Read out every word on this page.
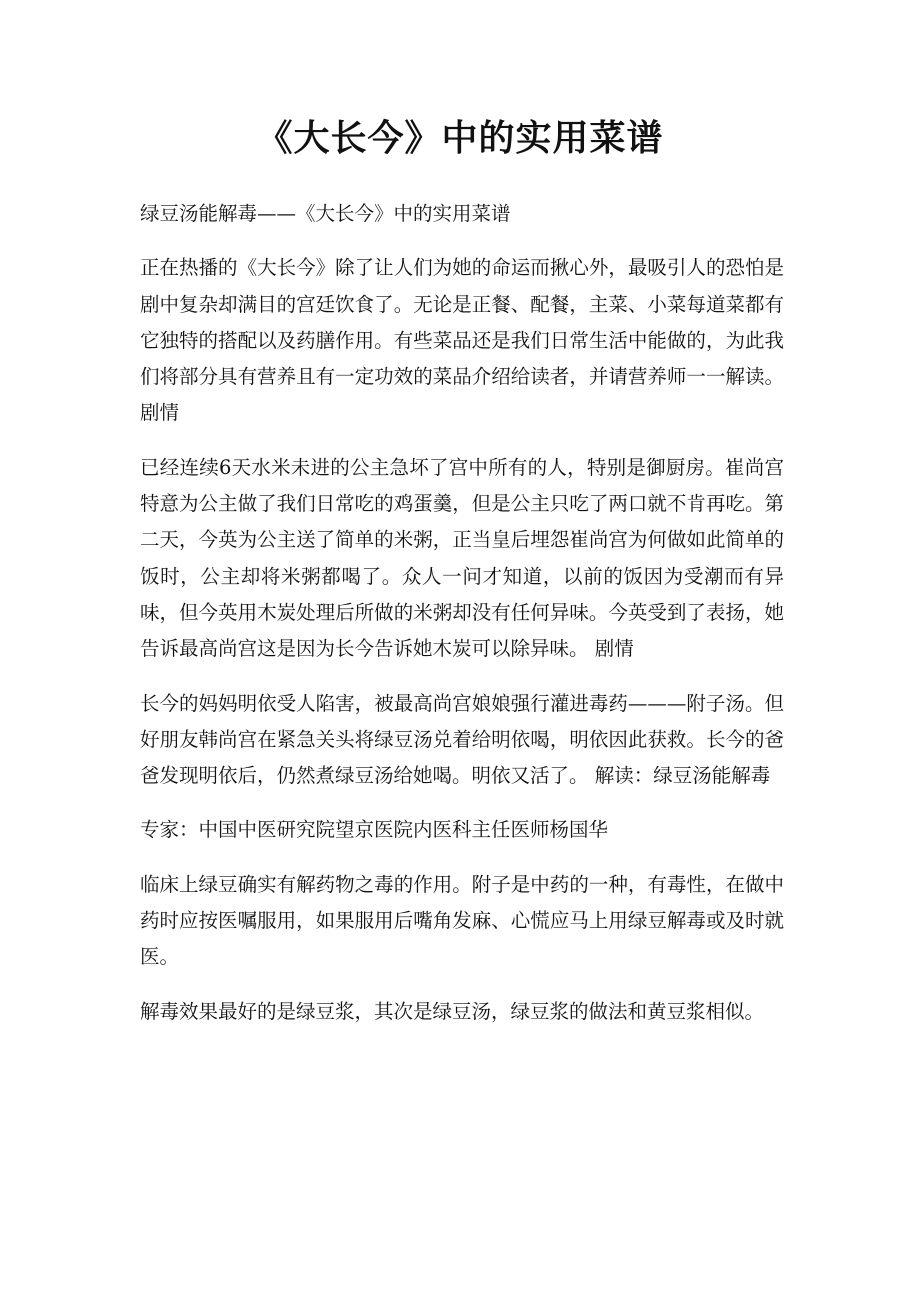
《大长今》中的实用菜谱

绿豆汤能解毒——《大长今》中的实用菜谱

正在热播的《大长今》除了让人们为她的命运而揪心外，最吸引人的恐怕是剧中复杂却满目的宫廷饮食了。无论是正餐、配餐，主菜、小菜每道菜都有它独特的搭配以及药膳作用。有些菜品还是我们日常生活中能做的，为此我们将部分具有营养且有一定功效的菜品介绍给读者，并请营养师一一解读。 剧情

已经连续6天水米未进的公主急坏了宫中所有的人，特别是御厨房。崔尚宫特意为公主做了我们日常吃的鸡蛋羹，但是公主只吃了两口就不肯再吃。第二天，今英为公主送了简单的米粥，正当皇后埋怨崔尚宫为何做如此简单的饭时，公主却将米粥都喝了。众人一问才知道，以前的饭因为受潮而有异味，但今英用木炭处理后所做的米粥却没有任何异味。今英受到了表扬，她告诉最高尚宫这是因为长今告诉她木炭可以除异味。 剧情

长今的妈妈明依受人陷害，被最高尚宫娘娘强行灌进毒药———附子汤。但好朋友韩尚宫在紧急关头将绿豆汤兑着给明依喝，明依因此获救。长今的爸爸发现明依后，仍然煮绿豆汤给她喝。明依又活了。 解读：绿豆汤能解毒

专家：中国中医研究院望京医院内医科主任医师杨国华

临床上绿豆确实有解药物之毒的作用。附子是中药的一种，有毒性，在做中药时应按医嘱服用，如果服用后嘴角发麻、心慌应马上用绿豆解毒或及时就医。

解毒效果最好的是绿豆浆，其次是绿豆汤，绿豆浆的做法和黄豆浆相似。
